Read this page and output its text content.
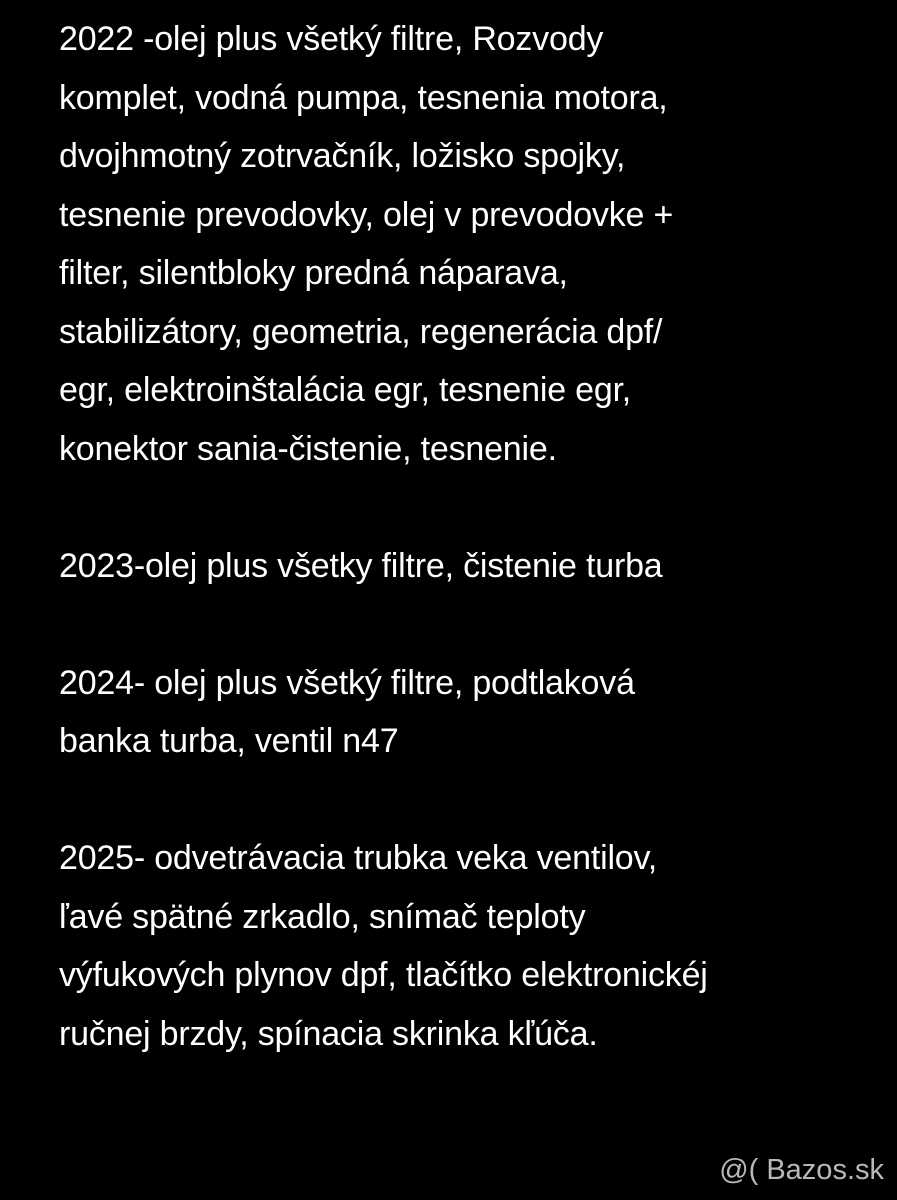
2022 -olej plus všetký filtre, Rozvody
komplet, vodná pumpa, tesnenia motora,
dvojhmotný zotrvačník, ložisko spojky,
tesnenie prevodovky, olej v prevodovke +
filter, silentbloky predná náparava,
stabilizátory, geometria, regenerácia dpf/
egr, elektroinštalácia egr, tesnenie egr,
konektor sania-čistenie, tesnenie.
2023-olej plus všetky filtre, čistenie turba
2024- olej plus všetký filtre, podtlaková
banka turba, ventil n47
2025- odvetrávacia trubka veka ventilov,
ľavé spätné zrkadlo, snímač teploty
výfukových plynov dpf, tlačítko elektronickéj
ručnej brzdy, spínacia skrinka kľúča.
@( Bazos.sk
